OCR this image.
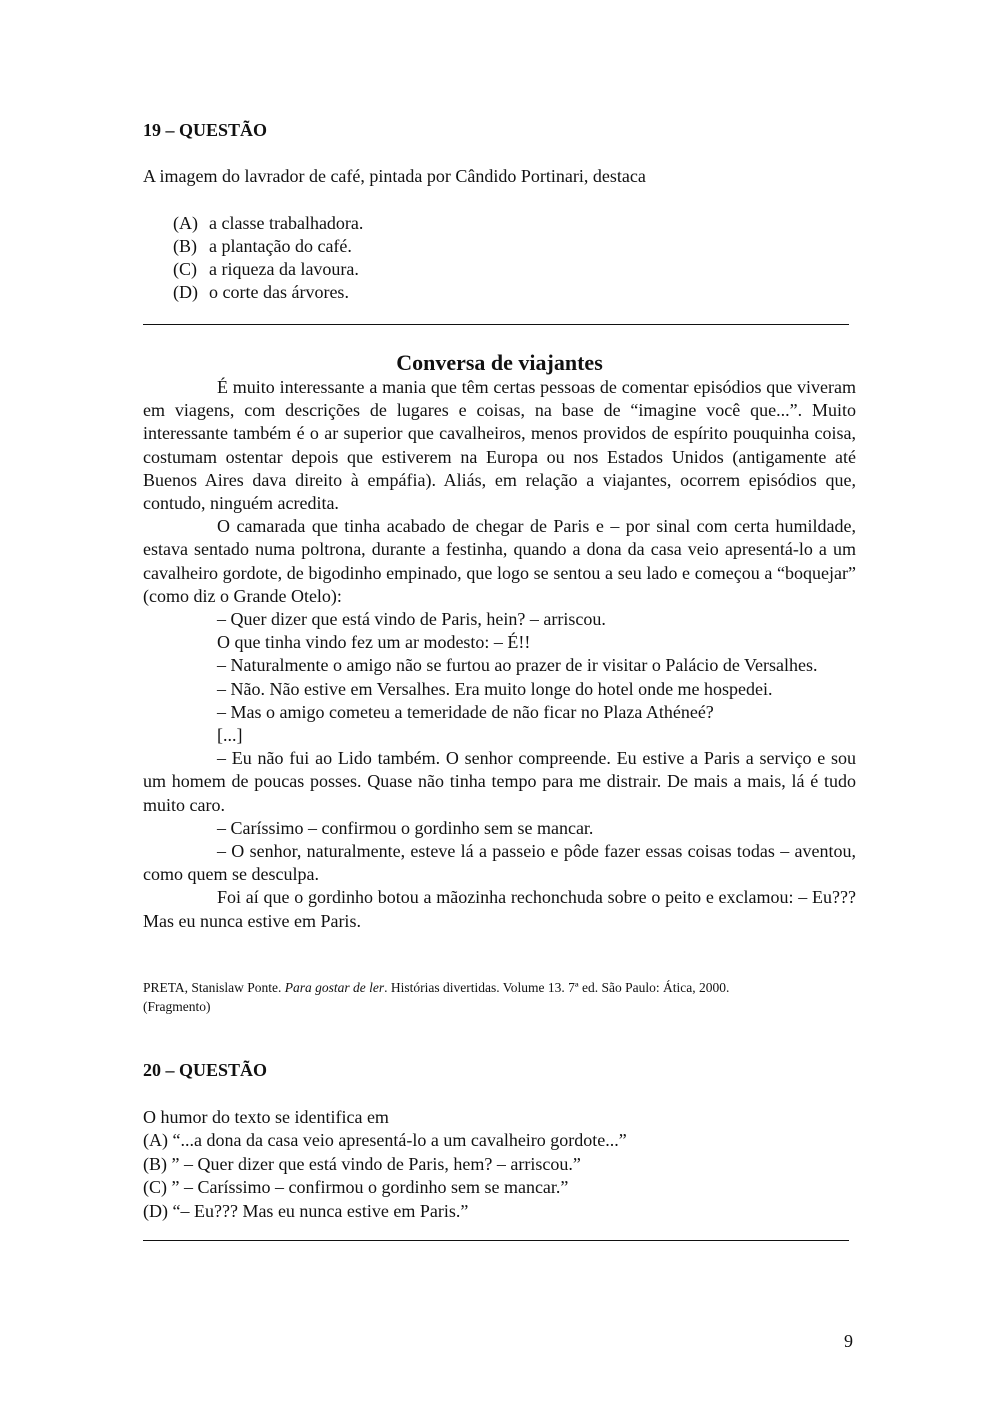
19 – QUESTÃO
A imagem do lavrador de café, pintada por Cândido Portinari, destaca
(A) a classe trabalhadora.
(B) a plantação do café.
(C) a riqueza da lavoura.
(D) o corte das árvores.
Conversa de viajantes

É muito interessante a mania que têm certas pessoas de comentar episódios que viveram em viagens, com descrições de lugares e coisas, na base de “imagine você que...”. Muito interessante também é o ar superior que cavalheiros, menos providos de espírito pouquinha coisa, costumam ostentar depois que estiverem na Europa ou nos Estados Unidos (antigamente até Buenos Aires dava direito à empáfia). Aliás, em relação a viajantes, ocorrem episódios que, contudo, ninguém acredita.

O camarada que tinha acabado de chegar de Paris e – por sinal com certa humildade, estava sentado numa poltrona, durante a festinha, quando a dona da casa veio apresentá-lo a um cavalheiro gordote, de bigodinho empinado, que logo se sentou a seu lado e começou a “boquejar” (como diz o Grande Otelo):

– Quer dizer que está vindo de Paris, hein? – arriscou.

O que tinha vindo fez um ar modesto: – É!!

– Naturalmente o amigo não se furtou ao prazer de ir visitar o Palácio de Versalhes.

– Não. Não estive em Versalhes. Era muito longe do hotel onde me hospedei.

– Mas o amigo cometeu a temeridade de não ficar no Plaza Athéneé?

[...]

– Eu não fui ao Lido também. O senhor compreende. Eu estive a Paris a serviço e sou um homem de poucas posses. Quase não tinha tempo para me distrair. De mais a mais, lá é tudo muito caro.

– Caríssimo – confirmou o gordinho sem se mancar.

– O senhor, naturalmente, esteve lá a passeio e pôde fazer essas coisas todas – aventou, como quem se desculpa.

Foi aí que o gordinho botou a mãozinha rechonchuda sobre o peito e exclamou: – Eu??? Mas eu nunca estive em Paris.

PRETA, Stanislaw Ponte. Para gostar de ler. Histórias divertidas. Volume 13. 7ª ed. São Paulo: Ática, 2000.
(Fragmento)
20 – QUESTÃO
O humor do texto se identifica em
(A) “...a dona da casa veio apresentá-lo a um cavalheiro gordote...”
(B) ” – Quer dizer que está vindo de Paris, hem? – arriscou.”
(C) ” – Caríssimo – confirmou o gordinho sem se mancar.”
(D) “– Eu??? Mas eu nunca estive em Paris.”
9
